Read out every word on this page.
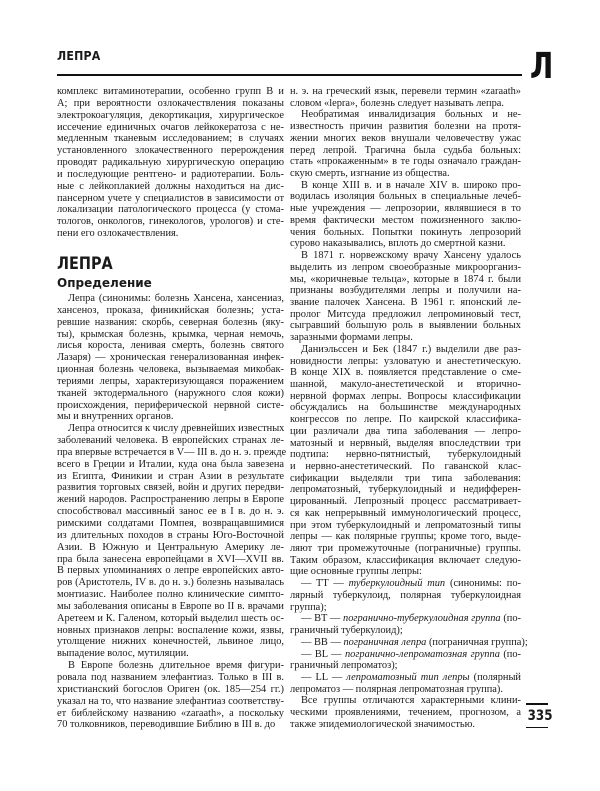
ЛЕПРА	Л
комплекс витаминотерапии, особенно групп В и
А; при вероятности озлокачествления показаны
электрокоагуляция, декортикация, хирургическое
иссечение единичных очагов лейкокератоза с не-
медленным тканевым исследованием; в случаях
установленного злокачественного перерождения
проводят радикальную хирургическую операцию
и последующие рентгено- и радиотерапии. Боль-
ные с лейкоплакией должны находиться на дис-
пансерном учете у специалистов в зависимости от
локализации патологического процесса (у стома-
тологов, онкологов, гинекологов, урологов) и сте-
пени его озлокачествления.
ЛЕПРА
Определение
Лепра (синонимы: болезнь Хансена, хансениаз,
хансеноз, проказа, финикийская болезнь; уста-
ревшие названия: скорбь, северная болезнь (яку-
ты), крымская болезнь, крымка, черная немочь,
лисья короста, ленивая смерть, болезнь святого
Лазаря) — хроническая генерализованная инфек-
ционная болезнь человека, вызываемая микобак-
териями лепры, характеризующаяся поражением
тканей эктодермального (наружного слоя кожи)
происхождения, периферической нервной систе-
мы и внутренних органов.
Лепра относится к числу древнейших известных
заболеваний человека. В европейских странах ле-
пра впервые встречается в V— III в. до н. э. прежде
всего в Греции и Италии, куда она была завезена
из Египта, Финикии и стран Азии в результате
развития торговых связей, войн и других передви-
жений народов. Распространению лепры в Европе
способствовал массивный занос ее в I в. до н. э.
римскими солдатами Помпея, возвращавшимися
из длительных походов в страны Юго-Восточной
Азии. В Южную и Центральную Америку ле-
пра была занесена европейцами в XVI—XVII вв.
В первых упоминаниях о лепре европейских авто-
ров (Аристотель, IV в. до н. э.) болезнь называлась
монтиазис. Наиболее полно клинические симпто-
мы заболевания описаны в Европе во II в. врачами
Аретеем и К. Галеном, который выделил шесть ос-
новных признаков лепры: воспаление кожи, язвы,
утолщение нижних конечностей, львиное лицо,
выпадение волос, мутиляции.
В Европе болезнь длительное время фигури-
ровала под названием элефантиаз. Только в III в.
христианский богослов Ориген (ок. 185—254 гг.)
указал на то, что название элефантиаз соответству-
ет библейскому названию «zaraath», а поскольку
70 толковников, переводившие Библию в III в. до
н. э. на греческий язык, перевели термин «zaraath»
словом «lepra», болезнь следует называть лепра.
Необратимая инвалидизация больных и не-
известность причин развития болезни на протя-
жении многих веков внушали человечеству ужас
перед лепрой. Трагична была судьба больных:
стать «прокаженным» в те годы означало граждан-
скую смерть, изгнание из общества.
В конце XIII в. и в начале XIV в. широко про-
водилась изоляция больных в специальные лечеб-
ные учреждения — лепрозории, являвшиеся в то
время фактически местом пожизненного заклю-
чения больных. Попытки покинуть лепрозорий
сурово наказывались, вплоть до смертной казни.
В 1871 г. норвежскому врачу Хансену удалось
выделить из лепром своеобразные микроорганиз-
мы, «коричневые тельца», которые в 1874 г. были
признаны возбудителями лепры и получили на-
звание палочек Хансена. В 1961 г. японский ле-
пролог Митсуда предложил лепроминовый тест,
сыгравший большую роль в выявлении больных
заразными формами лепры.
Даниэльссен и Бек (1847 г.) выделили две раз-
новидности лепры: узловатую и анестетическую.
В конце XIX в. появляется представление о сме-
шанной, макуло-анестетической и вторично-
нервной формах лепры. Вопросы классификации
обсуждались на большинстве международных
конгрессов по лепре. По каирской классифика-
ции различали два типа заболевания — лепро-
матозный и нервный, выделяя впоследствии три
подтипа: нервно-пятнистый, туберкулоидный
и нервно-анестетический. По гаванской клас-
сификации выделяли три типа заболевания:
лепроматозный, туберкулоидный и недифферен-
цированный. Лепрозный процесс рассматривает-
ся как непрерывный иммунологический процесс,
при этом туберкулоидный и лепроматозный типы
лепры — как полярные группы; кроме того, выде-
ляют три промежуточные (пограничные) группы.
Таким образом, классификация включает следую-
щие основные группы лепры:
— TT — туберкулоидный тип (синонимы: по-
лярный туберкулоид, полярная туберкулоидная
группа);
— BT — погранично-туберкулоидная группа (по-
граничный туберкулоид);
— BB — пограничная лепра (пограничная группа);
— BL — погранично-лепроматозная группа (по-
граничный лепроматоз);
— LL — лепроматозный тип лепры (полярный
лепроматоз — полярная лепроматозная группа).
Все группы отличаются характерными клини-
ческими проявлениями, течением, прогнозом, а
также эпидемиологической значимостью.
335
